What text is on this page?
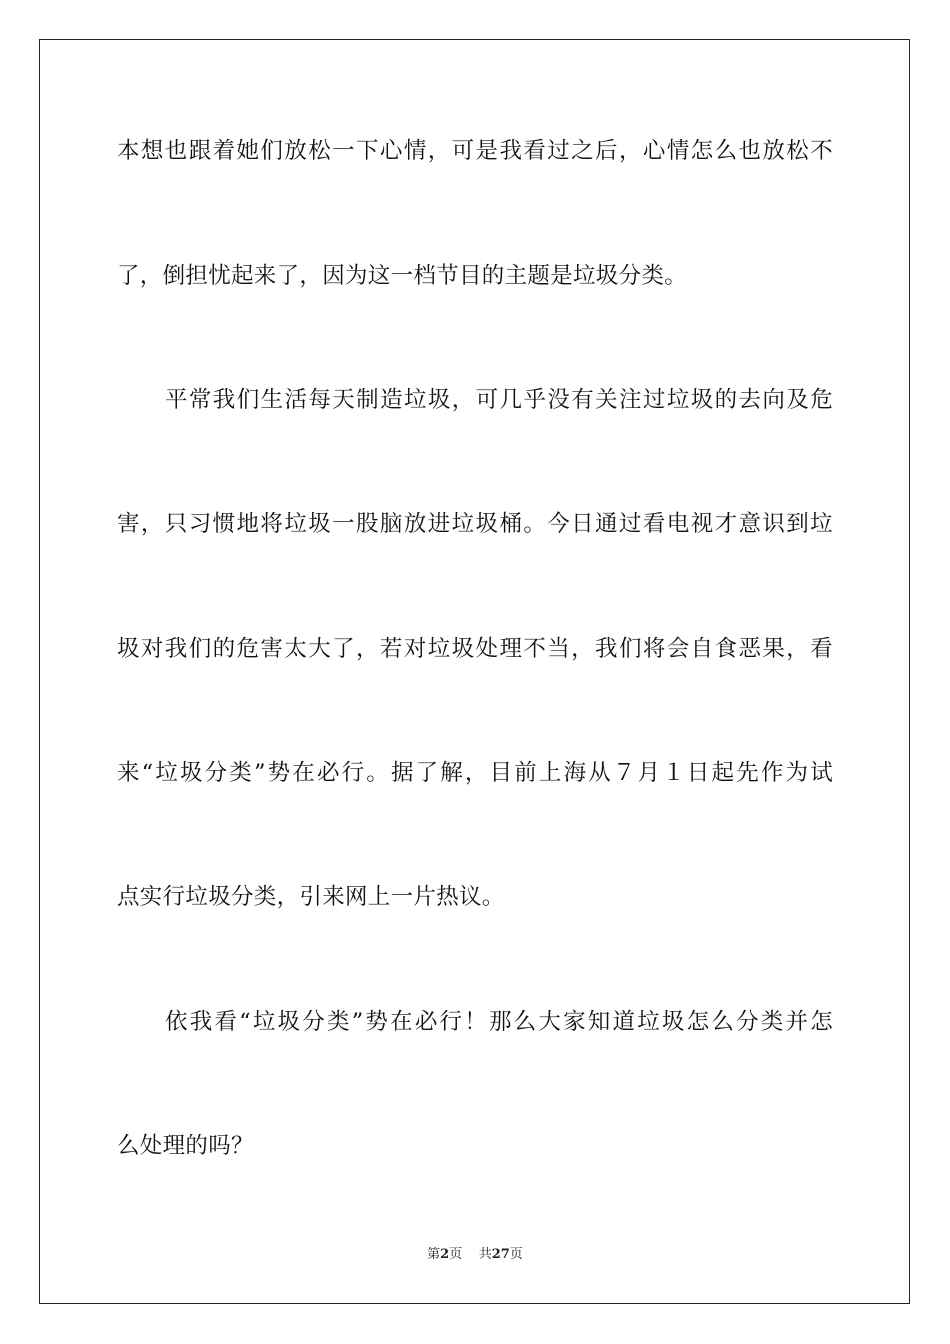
本想也跟着她们放松一下心情，可是我看过之后，心情怎么也放松不
了，倒担忧起来了，因为这一档节目的主题是垃圾分类。
平常我们生活每天制造垃圾，可几乎没有关注过垃圾的去向及危
害，只习惯地将垃圾一股脑放进垃圾桶。今日通过看电视才意识到垃
圾对我们的危害太大了，若对垃圾处理不当，我们将会自食恶果，看
来“垃圾分类”势在必行。据了解，目前上海从７月１日起先作为试
点实行垃圾分类，引来网上一片热议。
依我看“垃圾分类”势在必行！那么大家知道垃圾怎么分类并怎
么处理的吗？
第2页 共27页
